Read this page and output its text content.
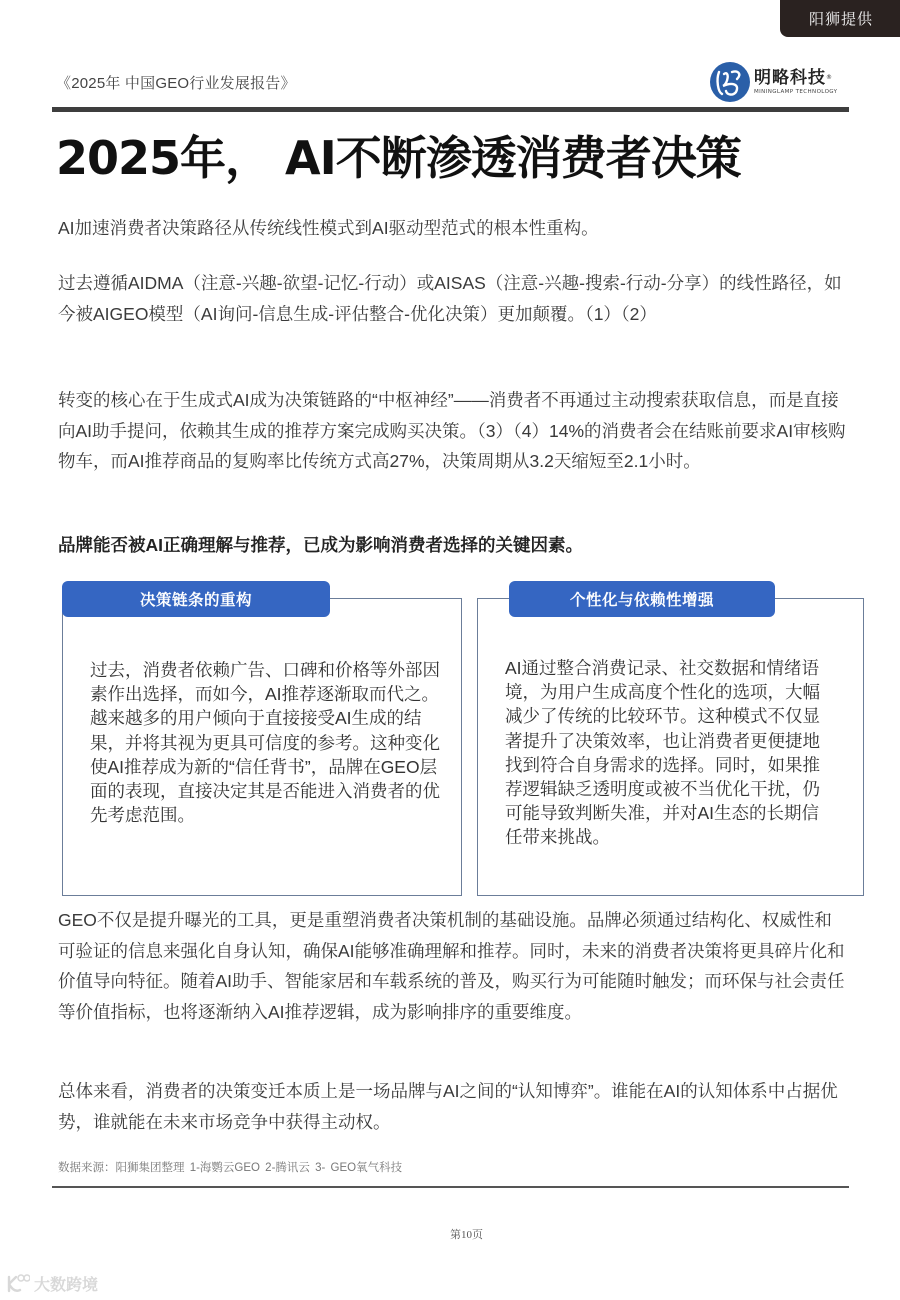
阳狮提供
《2025年 中国GEO行业发展报告》	明略科技®
MININGLAMP TECHNOLOGY
2025年， AI不断渗透消费者决策

AI加速消费者决策路径从传统线性模式到AI驱动型范式的根本性重构。

过去遵循AIDMA（注意-兴趣-欲望-记忆-行动）或AISAS（注意-兴趣-搜索-行动-分享）的线性路径，如今被AIGEO模型（AI询问-信息生成-评估整合-优化决策）更加颠覆。（1）（2）

转变的核心在于生成式AI成为决策链路的“中枢神经”——消费者不再通过主动搜索获取信息，而是直接向AI助手提问，依赖其生成的推荐方案完成购买决策。（3）（4）14%的消费者会在结账前要求AI审核购物车，而AI推荐商品的复购率比传统方式高27%，决策周期从3.2天缩短至2.1小时。

品牌能否被AI正确理解与推荐，已成为影响消费者选择的关键因素。

决策链条的重构
过去，消费者依赖广告、口碑和价格等外部因素作出选择，而如今，AI推荐逐渐取而代之。越来越多的用户倾向于直接接受AI生成的结果，并将其视为更具可信度的参考。这种变化使AI推荐成为新的“信任背书”，品牌在GEO层面的表现，直接决定其是否能进入消费者的优先考虑范围。
个性化与依赖性增强
AI通过整合消费记录、社交数据和情绪语境，为用户生成高度个性化的选项，大幅减少了传统的比较环节。这种模式不仅显著提升了决策效率，也让消费者更便捷地找到符合自身需求的选择。同时，如果推荐逻辑缺乏透明度或被不当优化干扰，仍可能导致判断失准，并对AI生态的长期信任带来挑战。

GEO不仅是提升曝光的工具，更是重塑消费者决策机制的基础设施。品牌必须通过结构化、权威性和可验证的信息来强化自身认知，确保AI能够准确理解和推荐。同时，未来的消费者决策将更具碎片化和价值导向特征。随着AI助手、智能家居和车载系统的普及，购买行为可能随时触发；而环保与社会责任等价值指标，也将逐渐纳入AI推荐逻辑，成为影响排序的重要维度。

总体来看，消费者的决策变迁本质上是一场品牌与AI之间的“认知博弈”。谁能在AI的认知体系中占据优势，谁就能在未来市场竞争中获得主动权。

数据来源：阳狮集团整理 1-海鹦云GEO 2-腾讯云 3- GEO氧气科技
第10页
大数跨境
